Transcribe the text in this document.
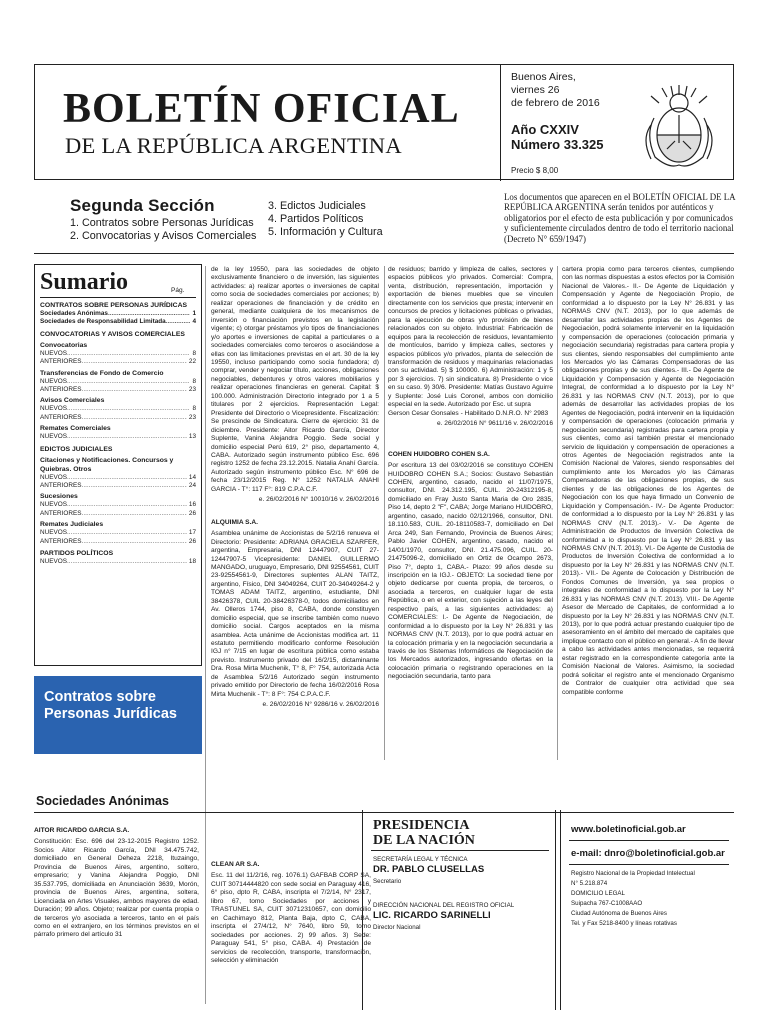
BOLETÍN OFICIAL
DE LA REPÚBLICA ARGENTINA
Buenos Aires,
viernes 26
de febrero de 2016
Año CXXIV
Número 33.325
Precio $ 8,00
Segunda Sección
1. Contratos sobre Personas Jurídicas
2. Convocatorias y Avisos Comerciales
3. Edictos Judiciales
4. Partidos Políticos
5. Información y Cultura
Los documentos que aparecen en el BOLETÍN OFICIAL DE LA REPÚBLICA ARGENTINA serán tenidos por auténticos y obligatorios por el efecto de esta publicación y por comunicados y suficientemente circulados dentro de todo el territorio nacional (Decreto N° 659/1947)
Sumario	Pág.
CONTRATOS SOBRE PERSONAS JURÍDICAS
Sociedades Anónimas .....	1
Sociedades de Responsabilidad Limitada .....	4
CONVOCATORIAS Y AVISOS COMERCIALES
Convocatorias
NUEVOS .....	8
ANTERIORES .....	22
Transferencias de Fondo de Comercio
NUEVOS .....	8
ANTERIORES .....	23
Avisos Comerciales
NUEVOS .....	8
ANTERIORES .....	23
Remates Comerciales
NUEVOS .....	13
EDICTOS JUDICIALES
Citaciones y Notificaciones. Concursos y Quiebras. Otros
NUEVOS .....	14
ANTERIORES .....	24
Sucesiones
NUEVOS .....	16
ANTERIORES .....	26
Remates Judiciales
NUEVOS .....	17
ANTERIORES .....	26
PARTIDOS POLÍTICOS
NUEVOS .....	18
Contratos sobre
Personas Jurídicas
Sociedades Anónimas

de la ley 19550, para las sociedades de objeto exclusivamente financiero o de inversión, las siguientes actividades: a) realizar aportes o inversiones de capital como socia de sociedades comerciales por acciones; b) realizar operaciones de financiación y de crédito en general, mediante cualquiera de los mecanismos de inversión o financiación previstos en la legislación vigente; c) otorgar préstamos y/o tipos de financiaciones y/o aportes e inversiones de capital a particulares o a sociedades comerciales como terceros o asociándose a ellas con las limitaciones previstas en el art. 30 de la ley 19550, incluso participando como socia fundadora; d) comprar, vender y negociar título, acciones, obligaciones negociables, debentures y otros valores mobiliarios y realizar operaciones financieras en general. Capital: $ 100.000. Administración Directorio integrado por 1 a 5 titulares por 2 ejercicios. Representación Legal: Presidente del Directorio o Vicepresidente. Fiscalización: Se prescinde de Sindicatura. Cierre de ejercicio: 31 de diciembre. Presidente: Aitor Ricardo García, Director Suplente, Vanina Alejandra Poggio. Sede social y domicilio especial Perú 619, 2° piso, departamento 4, CABA. Autorizado según instrumento público Esc. 696 registro 1252 de fecha 23.12.2015. Natalia Anahí García. Autorizado según instrumento público Esc. N° 696 de fecha 23/12/2015 Reg. N° 1252 NATALIA ANAHI GARCIA - T°: 117 F°: 819 C.P.A.C.F.

e. 26/02/2016 N° 10010/16 v. 26/02/2016

ALQUIMIA S.A.

Asamblea unánime de Accionistas de 5/2/16 renueva el Directorio: Presidente: ADRIANA GRACIELA SZARFER, argentina, Empresaria, DNI 12447907, CUIT 27-12447907-5 Vicepresidente: DANIEL GUILLERMO MANGADO, uruguayo, Empresario, DNI 92554561, CUIT 23-92554561-9, Directores suplentes ALAN TAITZ, argentino, Físico, DNI 34049264, CUIT 20-34049264-2 y TOMAS ADAM TAITZ, argentino, estudiante, DNI 38426378, CUIL 20-38426378-0, todos domiciliados en Av. Olleros 1744, piso 8, CABA, donde constituyen domicilio especial, que se inscribe también como nuevo domicilio social. Cargos aceptados en la misma asamblea. Acta unánime de Accionistas modifica art. 11 estatuto permitiendo modificarlo conforme Resolución IGJ n° 7/15 en lugar de escritura pública como estaba previsto. Instrumento privado del 16/2/15, dictaminante Dra. Rosa Mirta Muchenik, T° 8, F° 754, autorizada Acta de Asamblea 5/2/16 Autorizado según instrumento privado emitido por Directorio de fecha 16/02/2016 Rosa Mirta Muchenik - T°: 8 F°: 754 C.P.A.C.F.

e. 26/02/2016 N° 9286/16 v. 26/02/2016

de residuos; barrido y limpieza de calles, sectores y espacios públicos y/o privados. Comercial: Compra, venta, distribución, representación, importación y exportación de bienes muebles que se vinculen directamente con los servicios que presta; intervenir en concursos de precios y licitaciones públicas o privadas, para la ejecución de obras y/o provisión de bienes relacionados con su objeto. Industrial: Fabricación de equipos para la recolección de residuos, levantamiento de montículos, barrido y limpieza calles, sectores y espacios públicos y/o privados, planta de selección de transformación de residuos y maquinarias relacionadas con su actividad. 5) $ 100000. 6) Administración: 1 y 5 por 3 ejercicios. 7) sin sindicatura. 8) Presidente o vice en su caso. 9) 30/6. Presidente: Matías Gustavo Aguirre y Suplente: José Luis Coronel, ambos con domicilio especial en la sede. Autorizado por Esc. ut supra

Gerson Cesar Gonsales - Habilitado D.N.R.O. N° 2983

e. 26/02/2016 N° 9611/16 v. 26/02/2016

COHEN HUIDOBRO COHEN S.A.

Por escritura 13 del 03/02/2016 se constituyo COHEN HUIDOBRO COHEN S.A.; Socios: Gustavo Sebastián COHEN, argentino, casado, nacido el 11/07/1975, consultor, DNI. 24.312.195, CUIL. 20-24312195-8, domiciliado en Fray Justo Santa Maria de Oro 2835, Piso 14, depto 2 "F", CABA; Jorge Mariano HUIDOBRO, argentino, casado, nacido 02/12/1966, consultor, DNI. 18.110.583, CUIL. 20-18110583-7, domiciliado en Del Arca 249, San Fernando, Provincia de Buenos Aires; Pablo Javier COHEN, argentino, casado, nacido el 14/01/1970, consultor, DNI. 21.475.096, CUIL. 20-21475096-2, domiciliado en Ortiz de Ocampo 2673, Piso 7°, depto 1, CABA.- Plazo: 99 años desde su inscripción en la IGJ.- OBJETO: La sociedad tiene por objeto dedicarse por cuenta propia, de terceros, o asociada a terceros, en cualquier lugar de esta República, o en el exterior, con sujeción a las leyes del respectivo país, a las siguientes actividades: a) COMERCIALES: I.- De Agente de Negociación, de conformidad a lo dispuesto por la Ley N° 26.831 y las NORMAS CNV (N.T. 2013), por lo que podrá actuar en la colocación primaria y en la negociación secundaria a través de los Sistemas Informáticos de Negociación de los Mercados autorizados, ingresando ofertas en la colocación primaria o registrando operaciones en la negociación secundaria, tanto para

cartera propia como para terceros clientes, cumpliendo con las normas dispuestas a estos efectos por la Comisión Nacional de Valores.- II.- De Agente de Liquidación y Compensación y Agente de Negociación Propio, de conformidad a lo dispuesto por la Ley N° 26.831 y las NORMAS CNV (N.T. 2013), por lo que además de desarrollar las actividades propias de los Agentes de Negociación, podrá solamente intervenir en la liquidación y compensación de operaciones (colocación primaria y negociación secundaria) registradas para cartera propia y sus clientes, siendo responsables del cumplimiento ante los Mercados y/o las Cámaras Compensadoras de las obligaciones propias y de sus clientes.- III.- De Agente de Liquidación y Compensación y Agente de Negociación Integral, de conformidad a lo dispuesto por la Ley N° 26.831 y las NORMAS CNV (N.T. 2013), por lo que además de desarrollar las actividades propias de los Agentes de Negociación, podrá intervenir en la liquidación y compensación de operaciones (colocación primaria y negociación secundaria) registradas para cartera propia y sus clientes, como así también prestar el mencionado servicio de liquidación y compensación de operaciones a otros Agentes de Negociación registrados ante la Comisión Nacional de Valores, siendo responsables del cumplimiento ante los Mercados y/o las Cámaras Compensadoras de las obligaciones propias, de sus clientes y de las obligaciones de los Agentes de Negociación con los que haya firmado un Convenio de Liquidación y Compensación.- IV.- De Agente Productor: de conformidad a lo dispuesto por la Ley N° 26.831 y las NORMAS CNV (N.T. 2013).- V.- De Agente de Administración de Productos de Inversión Colectiva de conformidad a lo dispuesto por la Ley N° 26.831 y las NORMAS CNV (N.T. 2013). VI.- De Agente de Custodia de Productos de Inversión Colectiva de conformidad a lo dispuesto por la Ley N° 26.831 y las NORMAS CNV (N.T. 2013).- VII.- De Agente de Colocación y Distribución de Fondos Comunes de Inversión, ya sea propios o integrales de conformidad a lo dispuesto por la Ley N° 26.831 y las NORMAS CNV (N.T. 2013). VIII.- De Agente Asesor de Mercado de Capitales, de conformidad a lo dispuesto por la Ley N° 26.831 y las NORMAS CNV (N.T. 2013), por lo que podrá actuar prestando cualquier tipo de asesoramiento en el ámbito del mercado de capitales que implique contacto con el público en general.- A fin de llevar a cabo las actividades antes mencionadas, se requerirá estar registrado en la correspondiente categoría ante la Comisión Nacional de Valores. Asimismo, la sociedad podrá solicitar el registro ante el mencionado Organismo de Contralor de cualquier otra actividad que sea compatible conforme

AITOR RICARDO GARCIA S.A.

Constitución: Esc. 696 del 23-12-2015 Registro 1252. Socios Aitor Ricardo García, DNI 34.475.742, domiciliado en General Deheza 2218, Ituzaingo, Provincia de Buenos Aires, argentino, soltero, empresario; y Vanina Alejandra Poggio, DNI 35.537.795, domiciliada en Anunciación 3639, Morón, provincia de Buenos Aires, argentina, soltera, Licenciada en Artes Visuales, ambos mayores de edad. Duración; 99 años. Objeto; realizar por cuenta propia o de terceros y/o asociada a terceros, tanto en el país como en el extranjero, en los términos previstos en el párrafo primero del artículo 31

CLEAN AR S.A.

Esc. 11 del 11/2/16, reg. 1076.1) GAFBAB CORP SA, CUIT 30714444820 con sede social en Paraguay 416, 6° piso, dpto R, CABA, inscripta el 7/2/14, N° 2317, libro 67, tomo Sociedades por acciones y TRASTUNEL SA, CUIT 30712310657, con domicilio en Cachimayo 812, Planta Baja, dpto C, CABA, inscripta el 27/4/12, N° 7640, libro 59, tomo sociedades por acciones. 2) 99 años. 3) Sede: Paraguay 541, 5° piso, CABA. 4) Prestación de servicios de recolección, transporte, transformación, selección y eliminación

PRESIDENCIA
DE LA NACIÓN
SECRETARÍA LEGAL Y TÉCNICA
DR. PABLO CLUSELLAS
Secretario
DIRECCIÓN NACIONAL DEL REGISTRO OFICIAL
LIC. RICARDO SARINELLI
Director Nacional
www.boletinoficial.gob.ar
e-mail: dnro@boletinoficial.gob.ar
Registro Nacional de la Propiedad Intelectual
N° 5.218.874
DOMICILIO LEGAL
Suipacha 767-C1008AAO
Ciudad Autónoma de Buenos Aires
Tel. y Fax 5218-8400 y líneas rotativas
